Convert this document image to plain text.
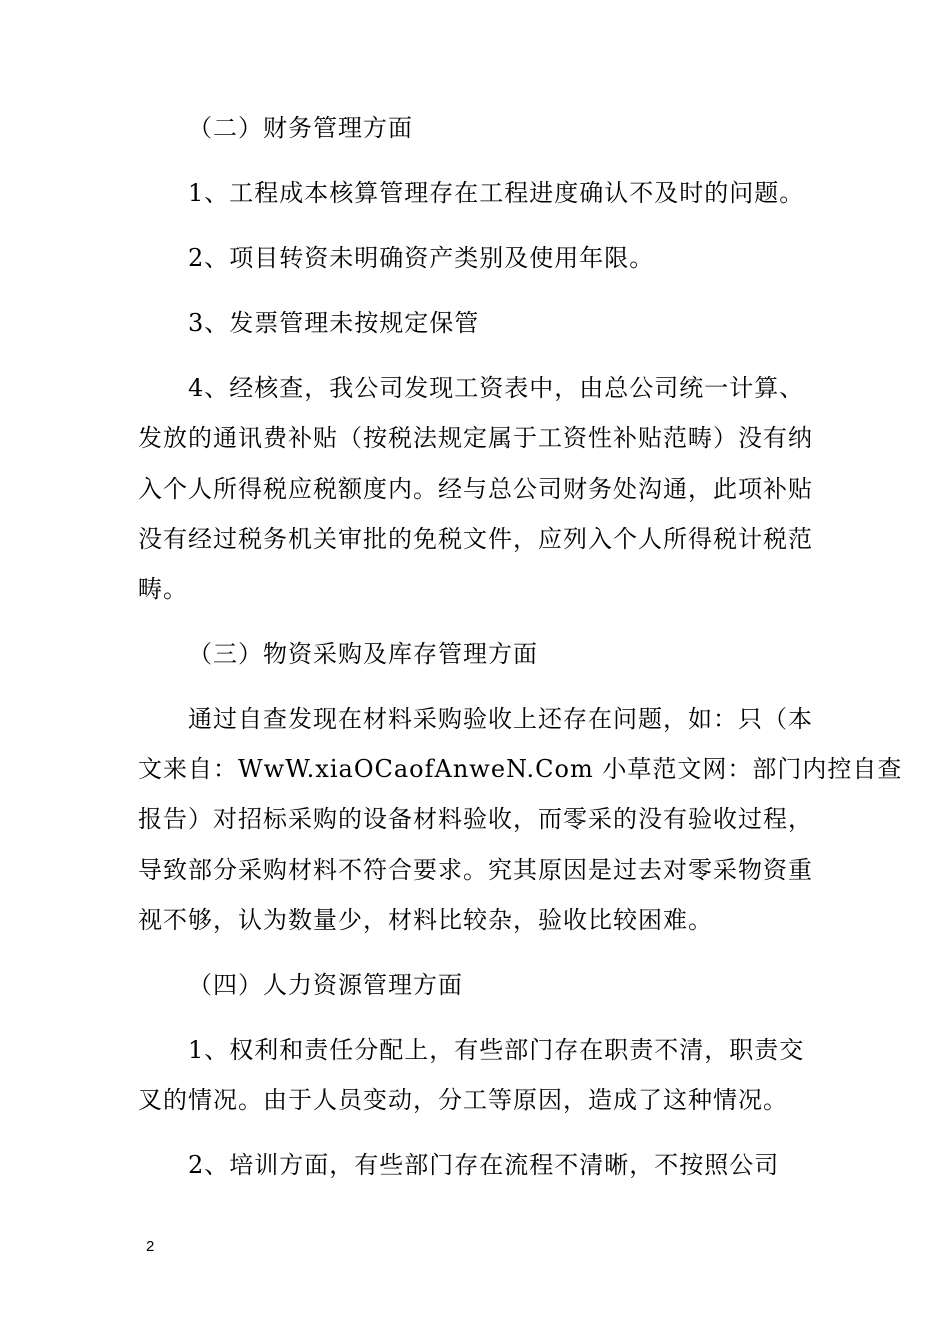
（二）财务管理方面
1、工程成本核算管理存在工程进度确认不及时的问题。
2、项目转资未明确资产类别及使用年限。
3、发票管理未按规定保管
4、经核查，我公司发现工资表中，由总公司统一计算、
发放的通讯费补贴（按税法规定属于工资性补贴范畴）没有纳
入个人所得税应税额度内。经与总公司财务处沟通，此项补贴
没有经过税务机关审批的免税文件，应列入个人所得税计税范
畴。
（三）物资采购及库存管理方面
通过自查发现在材料采购验收上还存在问题，如：只（本
文来自：WwW.xiaOCaofAnweN.Com 小草范文网：部门内控自查
报告）对招标采购的设备材料验收，而零采的没有验收过程，
导致部分采购材料不符合要求。究其原因是过去对零采物资重
视不够，认为数量少，材料比较杂，验收比较困难。
（四）人力资源管理方面
1、权利和责任分配上，有些部门存在职责不清，职责交
叉的情况。由于人员变动，分工等原因，造成了这种情况。
2、培训方面，有些部门存在流程不清晰，不按照公司
2
